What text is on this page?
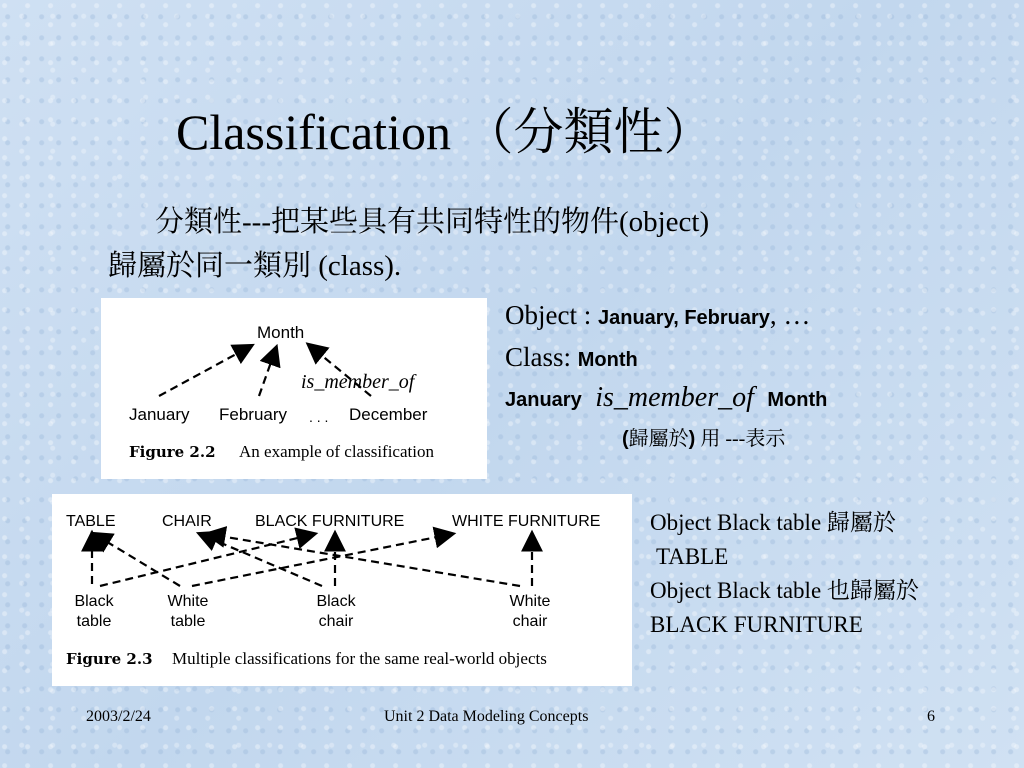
Classification （分類性）
分類性---把某些具有共同特性的物件(object)
歸屬於同一類別 (class).
Month
January February . . . December
is_member_of
Figure 2.2 An example of classification
Object : January, February, …
Class: Month
January is_member_of Month
(歸屬於) 用 ---表示
TABLE	CHAIR	BLACK FURNITURE	WHITE FURNITURE
Black
table
White
table
Black
chair
White
chair
Figure 2.3 Multiple classifications for the same real-world objects
Object Black table 歸屬於
TABLE
Object Black table 也歸屬於
BLACK FURNITURE
2003/2/24	Unit 2 Data Modeling Concepts	6
